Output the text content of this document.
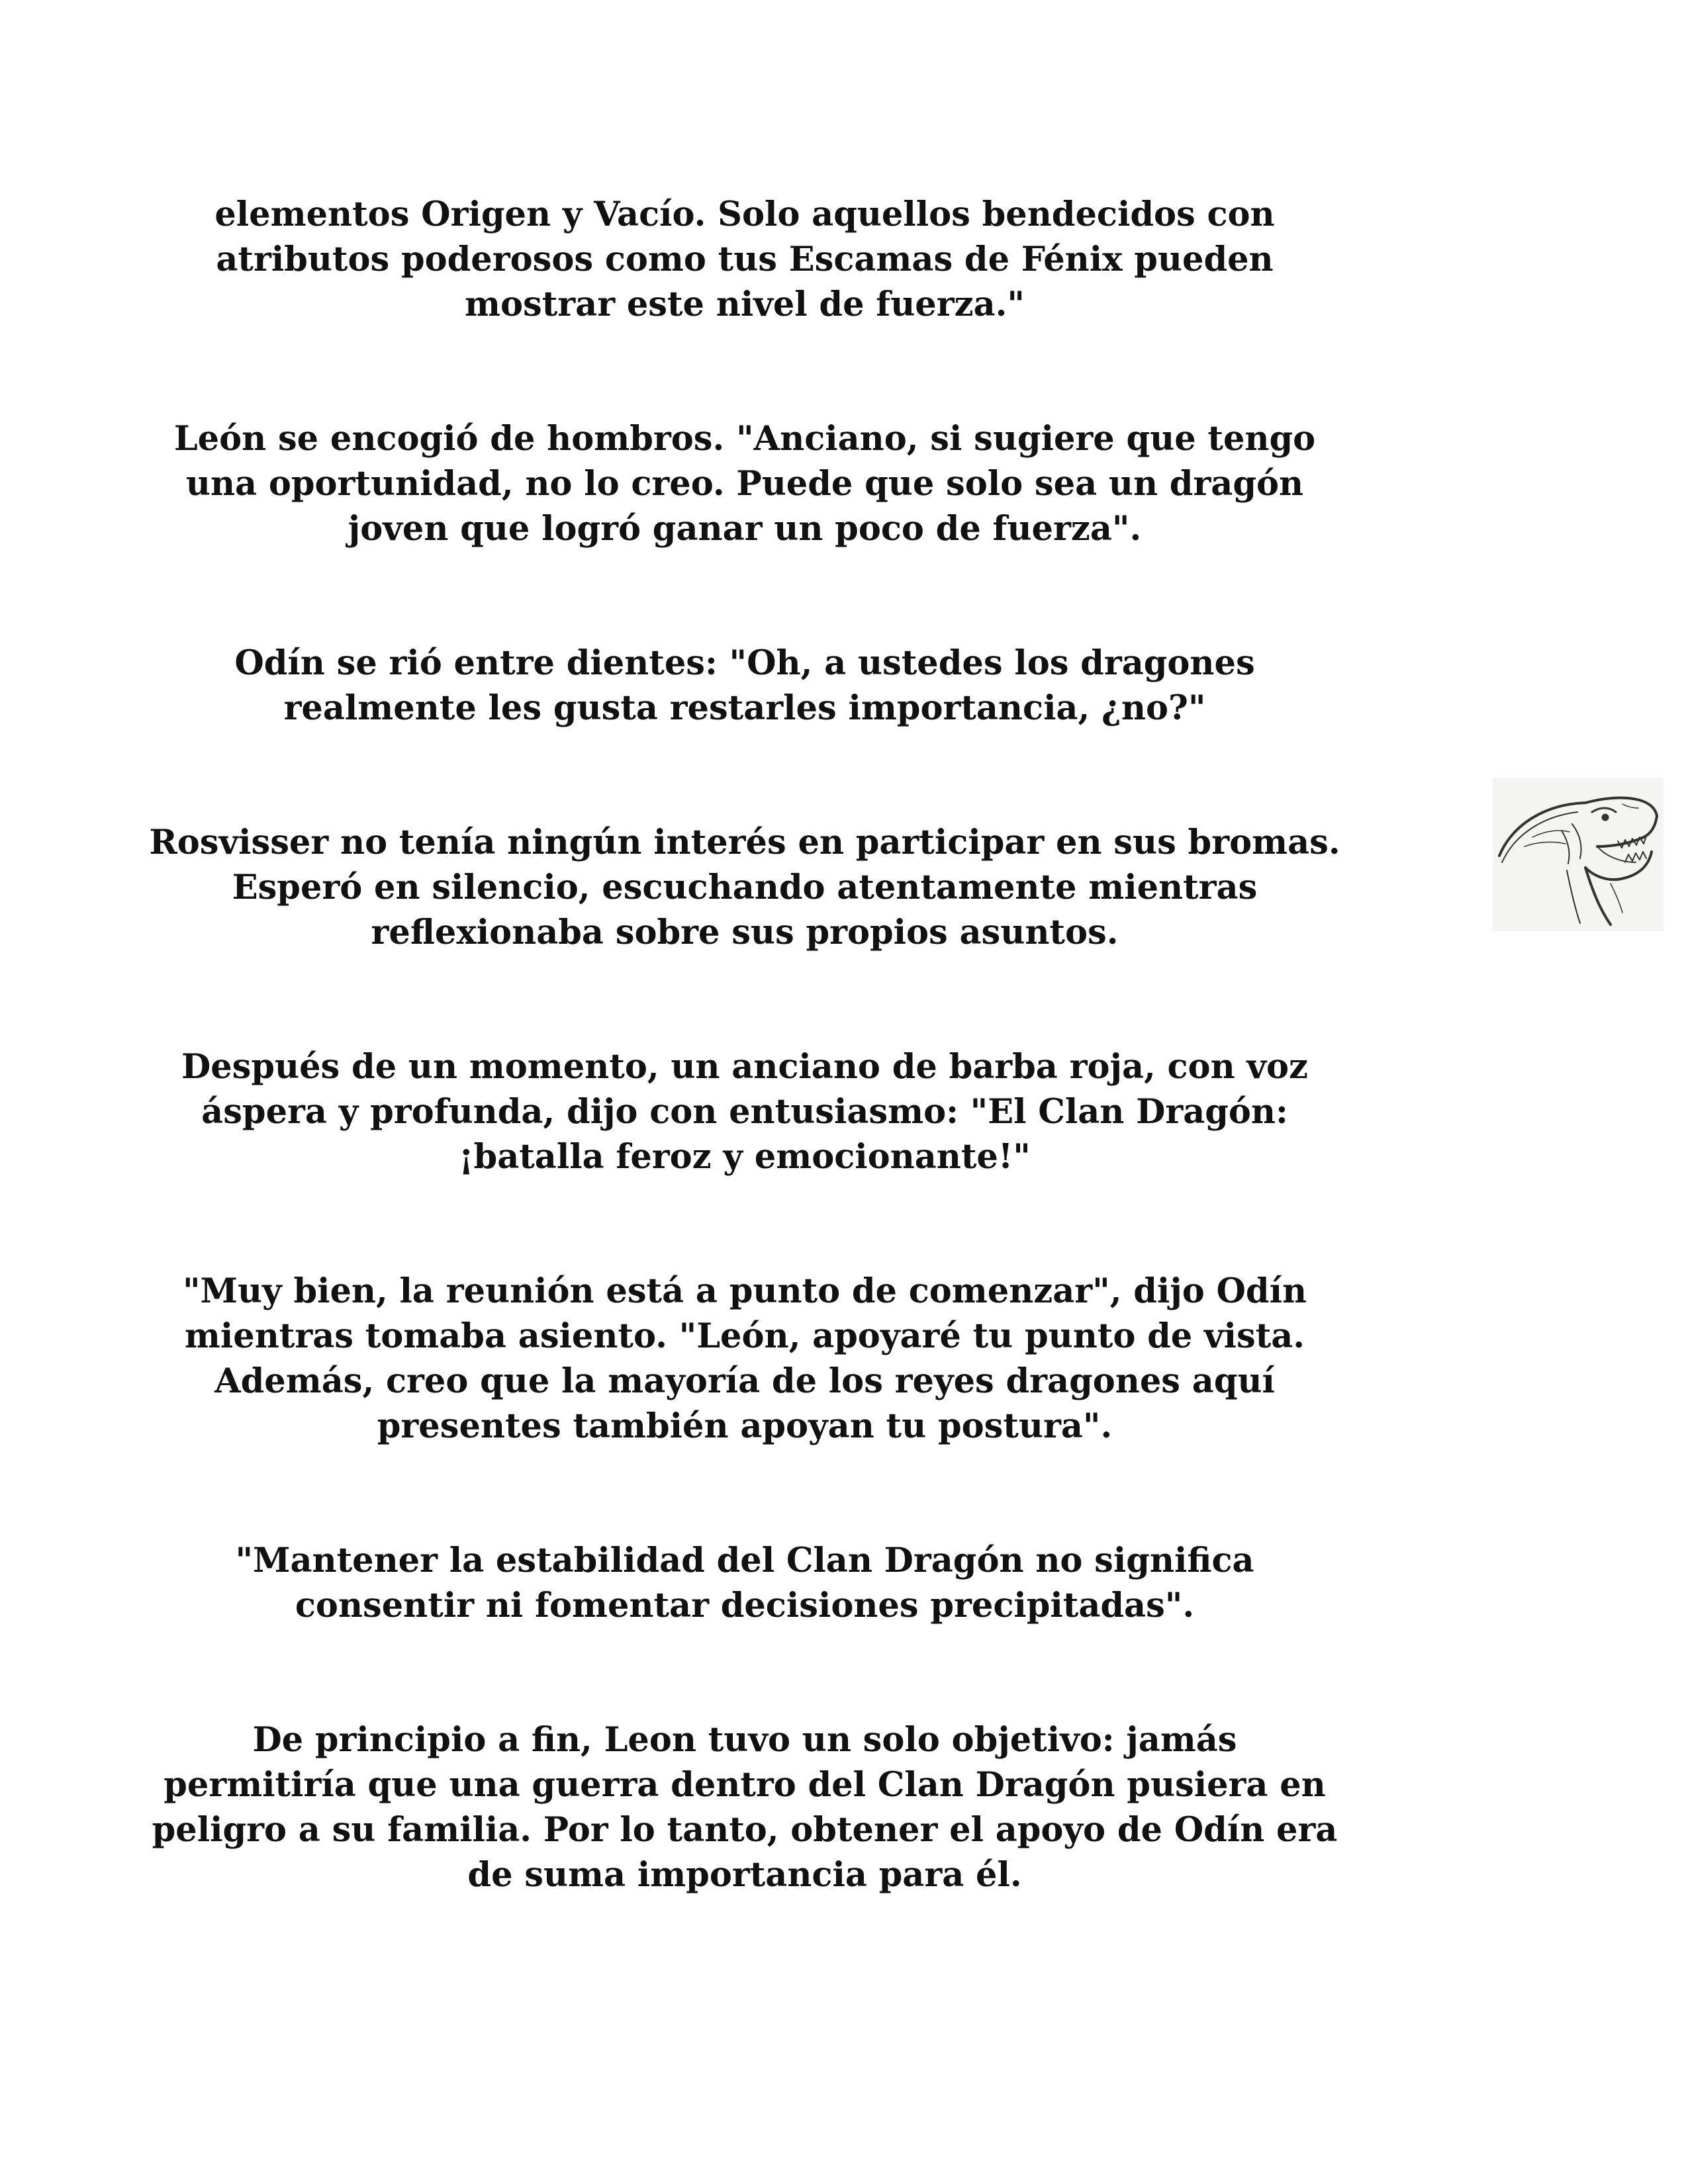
elementos Origen y Vacío. Solo aquellos bendecidos con
atributos poderosos como tus Escamas de Fénix pueden
mostrar este nivel de fuerza."

León se encogió de hombros. "Anciano, si sugiere que tengo
una oportunidad, no lo creo. Puede que solo sea un dragón
joven que logró ganar un poco de fuerza".

Odín se rió entre dientes: "Oh, a ustedes los dragones
realmente les gusta restarles importancia, ¿no?"

Rosvisser no tenía ningún interés en participar en sus bromas.
Esperó en silencio, escuchando atentamente mientras
reflexionaba sobre sus propios asuntos.

Después de un momento, un anciano de barba roja, con voz
áspera y profunda, dijo con entusiasmo: "El Clan Dragón:
¡batalla feroz y emocionante!"

"Muy bien, la reunión está a punto de comenzar", dijo Odín
mientras tomaba asiento. "León, apoyaré tu punto de vista.
Además, creo que la mayoría de los reyes dragones aquí
presentes también apoyan tu postura".

"Mantener la estabilidad del Clan Dragón no significa
consentir ni fomentar decisiones precipitadas".

De principio a fin, Leon tuvo un solo objetivo: jamás
permitiría que una guerra dentro del Clan Dragón pusiera en
peligro a su familia. Por lo tanto, obtener el apoyo de Odín era
de suma importancia para él.
